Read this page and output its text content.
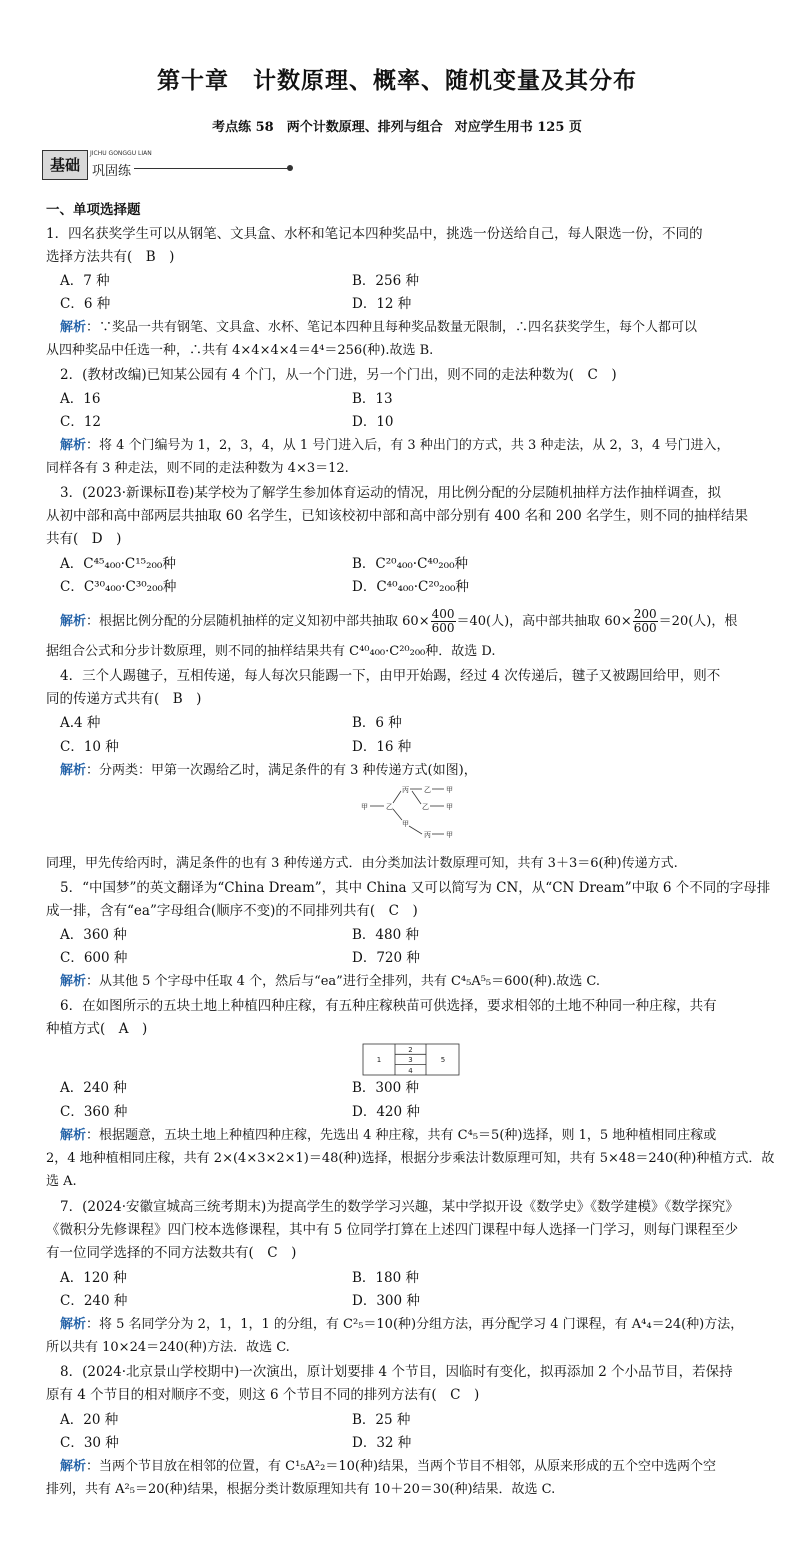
第十章　计数原理、概率、随机变量及其分布
考点练 58　两个计数原理、排列与组合 对应学生用书 125 页
基础
JICHU GONGGU LIAN
巩固练
一、单项选择题
1．四名获奖学生可以从钢笔、文具盒、水杯和笔记本四种奖品中，挑选一份送给自己，每人限选一份，不同的
选择方法共有(　B　)
A．7 种	B．256 种
C．6 种	D．12 种
解析：∵奖品一共有钢笔、文具盒、水杯、笔记本四种且每种奖品数量无限制，∴四名获奖学生，每个人都可以
从四种奖品中任选一种，∴共有 4×4×4×4＝4⁴＝256(种).故选 B.
2．(教材改编)已知某公园有 4 个门，从一个门进，另一个门出，则不同的走法种数为(　C　)
A．16	B．13
C．12	D．10
解析：将 4 个门编号为 1，2，3，4，从 1 号门进入后，有 3 种出门的方式，共 3 种走法，从 2，3，4 号门进入，
同样各有 3 种走法，则不同的走法种数为 4×3＝12.
3．(2023·新课标Ⅱ卷)某学校为了解学生参加体育运动的情况，用比例分配的分层随机抽样方法作抽样调查，拟
从初中部和高中部两层共抽取 60 名学生，已知该校初中部和高中部分别有 400 名和 200 名学生，则不同的抽样结果
共有(　D　)
A．C⁴⁵₄₀₀·C¹⁵₂₀₀种	B．C²⁰₄₀₀·C⁴⁰₂₀₀种
C．C³⁰₄₀₀·C³⁰₂₀₀种	D．C⁴⁰₄₀₀·C²⁰₂₀₀种
解析：根据比例分配的分层随机抽样的定义知初中部共抽取 $60\times \frac{400}{600} =40$(人)，高中部共抽取 $60\times \frac{200}{600} =20$(人)，根
据组合公式和分步计数原理，则不同的抽样结果共有 C⁴⁰₄₀₀·C²⁰₂₀₀种．故选 D.
4．三个人踢毽子，互相传递，每人每次只能踢一下，由甲开始踢，经过 4 次传递后，毽子又被踢回给甲，则不
同的传递方式共有(　B　)
A.4 种	B．6 种
C．10 种	D．16 种
解析：分两类：甲第一次踢给乙时，满足条件的有 3 种传递方式(如图)，
甲	乙
丙 乙 甲
乙 甲
甲
丙 甲
同理，甲先传给丙时，满足条件的也有 3 种传递方式．由分类加法计数原理可知，共有 3＋3＝6(种)传递方式.
5．“中国梦”的英文翻译为“China Dream”，其中 China 又可以简写为 CN，从“CN Dream”中取 6 个不同的字母排
成一排，含有“ea”字母组合(顺序不变)的不同排列共有(　C　)
A．360 种	B．480 种
C．600 种	D．720 种
解析：从其他 5 个字母中任取 4 个，然后与“ea”进行全排列，共有 C⁴₅A⁵₅＝600(种).故选 C.
6．在如图所示的五块土地上种植四种庄稼，有五种庄稼秧苗可供选择，要求相邻的土地不种同一种庄稼，共有
种植方式(　A　)
1
2
3
4
5
A．240 种	B．300 种
C．360 种	D．420 种
解析：根据题意，五块土地上种植四种庄稼，先选出 4 种庄稼，共有 C⁴₅＝5(种)选择，则 1，5 地种植相同庄稼或
2，4 地种植相同庄稼，共有 2×(4×3×2×1)＝48(种)选择，根据分步乘法计数原理可知，共有 5×48＝240(种)种植方式．故
选 A.
7．(2024·安徽宣城高三统考期末)为提高学生的数学学习兴趣，某中学拟开设《数学史》《数学建模》《数学探究》
《微积分先修课程》四门校本选修课程，其中有 5 位同学打算在上述四门课程中每人选择一门学习，则每门课程至少
有一位同学选择的不同方法数共有(　C　)
A．120 种	B．180 种
C．240 种	D．300 种
解析：将 5 名同学分为 2，1，1，1 的分组，有 C²₅＝10(种)分组方法，再分配学习 4 门课程，有 A⁴₄＝24(种)方法，
所以共有 10×24＝240(种)方法．故选 C.
8．(2024·北京景山学校期中)一次演出，原计划要排 4 个节目，因临时有变化，拟再添加 2 个小品节目，若保持
原有 4 个节目的相对顺序不变，则这 6 个节目不同的排列方法有(　C　)
A．20 种	B．25 种
C．30 种	D．32 种
解析：当两个节目放在相邻的位置，有 C¹₅A²₂＝10(种)结果，当两个节目不相邻，从原来形成的五个空中选两个空
排列，共有 A²₅＝20(种)结果，根据分类计数原理知共有 10＋20＝30(种)结果．故选 C.
